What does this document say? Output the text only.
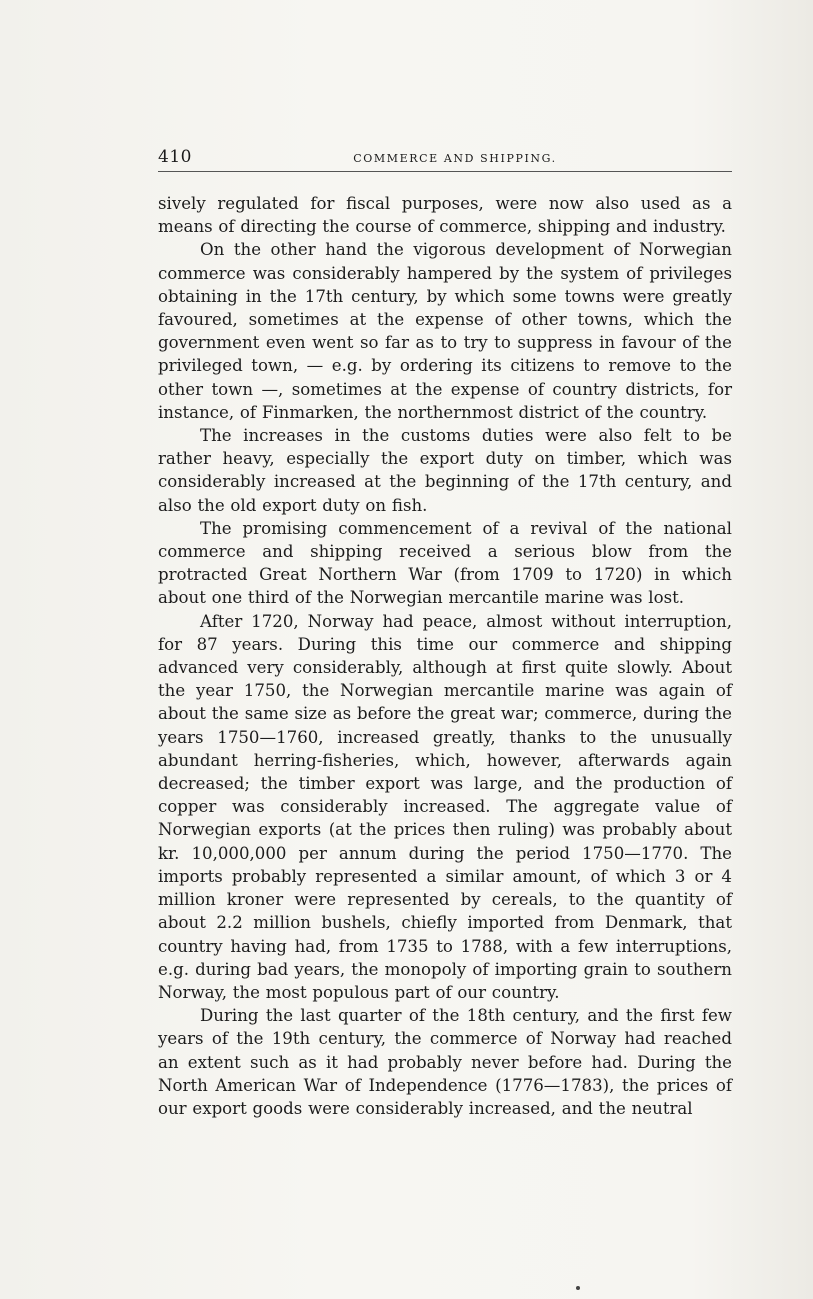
410	COMMERCE AND SHIPPING.

sively regulated for fiscal purposes, were now also used as a means of directing the course of commerce, shipping and industry.

On the other hand the vigorous development of Norwegian commerce was considerably hampered by the system of privileges obtaining in the 17th century, by which some towns were greatly favoured, sometimes at the expense of other towns, which the government even went so far as to try to suppress in favour of the privileged town, — e.g. by ordering its citizens to remove to the other town —, sometimes at the expense of country districts, for instance, of Finmarken, the northernmost district of the country.

The increases in the customs duties were also felt to be rather heavy, especially the export duty on timber, which was considerably increased at the beginning of the 17th century, and also the old export duty on fish.

The promising commencement of a revival of the national commerce and shipping received a serious blow from the protracted Great Northern War (from 1709 to 1720) in which about one third of the Norwegian mercantile marine was lost.

After 1720, Norway had peace, almost without interruption, for 87 years. During this time our commerce and shipping advanced very considerably, although at first quite slowly. About the year 1750, the Norwegian mercantile marine was again of about the same size as before the great war; commerce, during the years 1750—1760, increased greatly, thanks to the unusually abundant herring-fisheries, which, however, afterwards again decreased; the timber export was large, and the production of copper was considerably increased. The aggregate value of Norwegian exports (at the prices then ruling) was probably about kr. 10,000,000 per annum during the period 1750—1770. The imports probably represented a similar amount, of which 3 or 4 million kroner were represented by cereals, to the quantity of about 2.2 million bushels, chiefly imported from Denmark, that country having had, from 1735 to 1788, with a few interruptions, e.g. during bad years, the monopoly of importing grain to southern Norway, the most populous part of our country.

During the last quarter of the 18th century, and the first few years of the 19th century, the commerce of Norway had reached an extent such as it had probably never before had. During the North American War of Independence (1776—1783), the prices of our export goods were considerably increased, and the neutral
